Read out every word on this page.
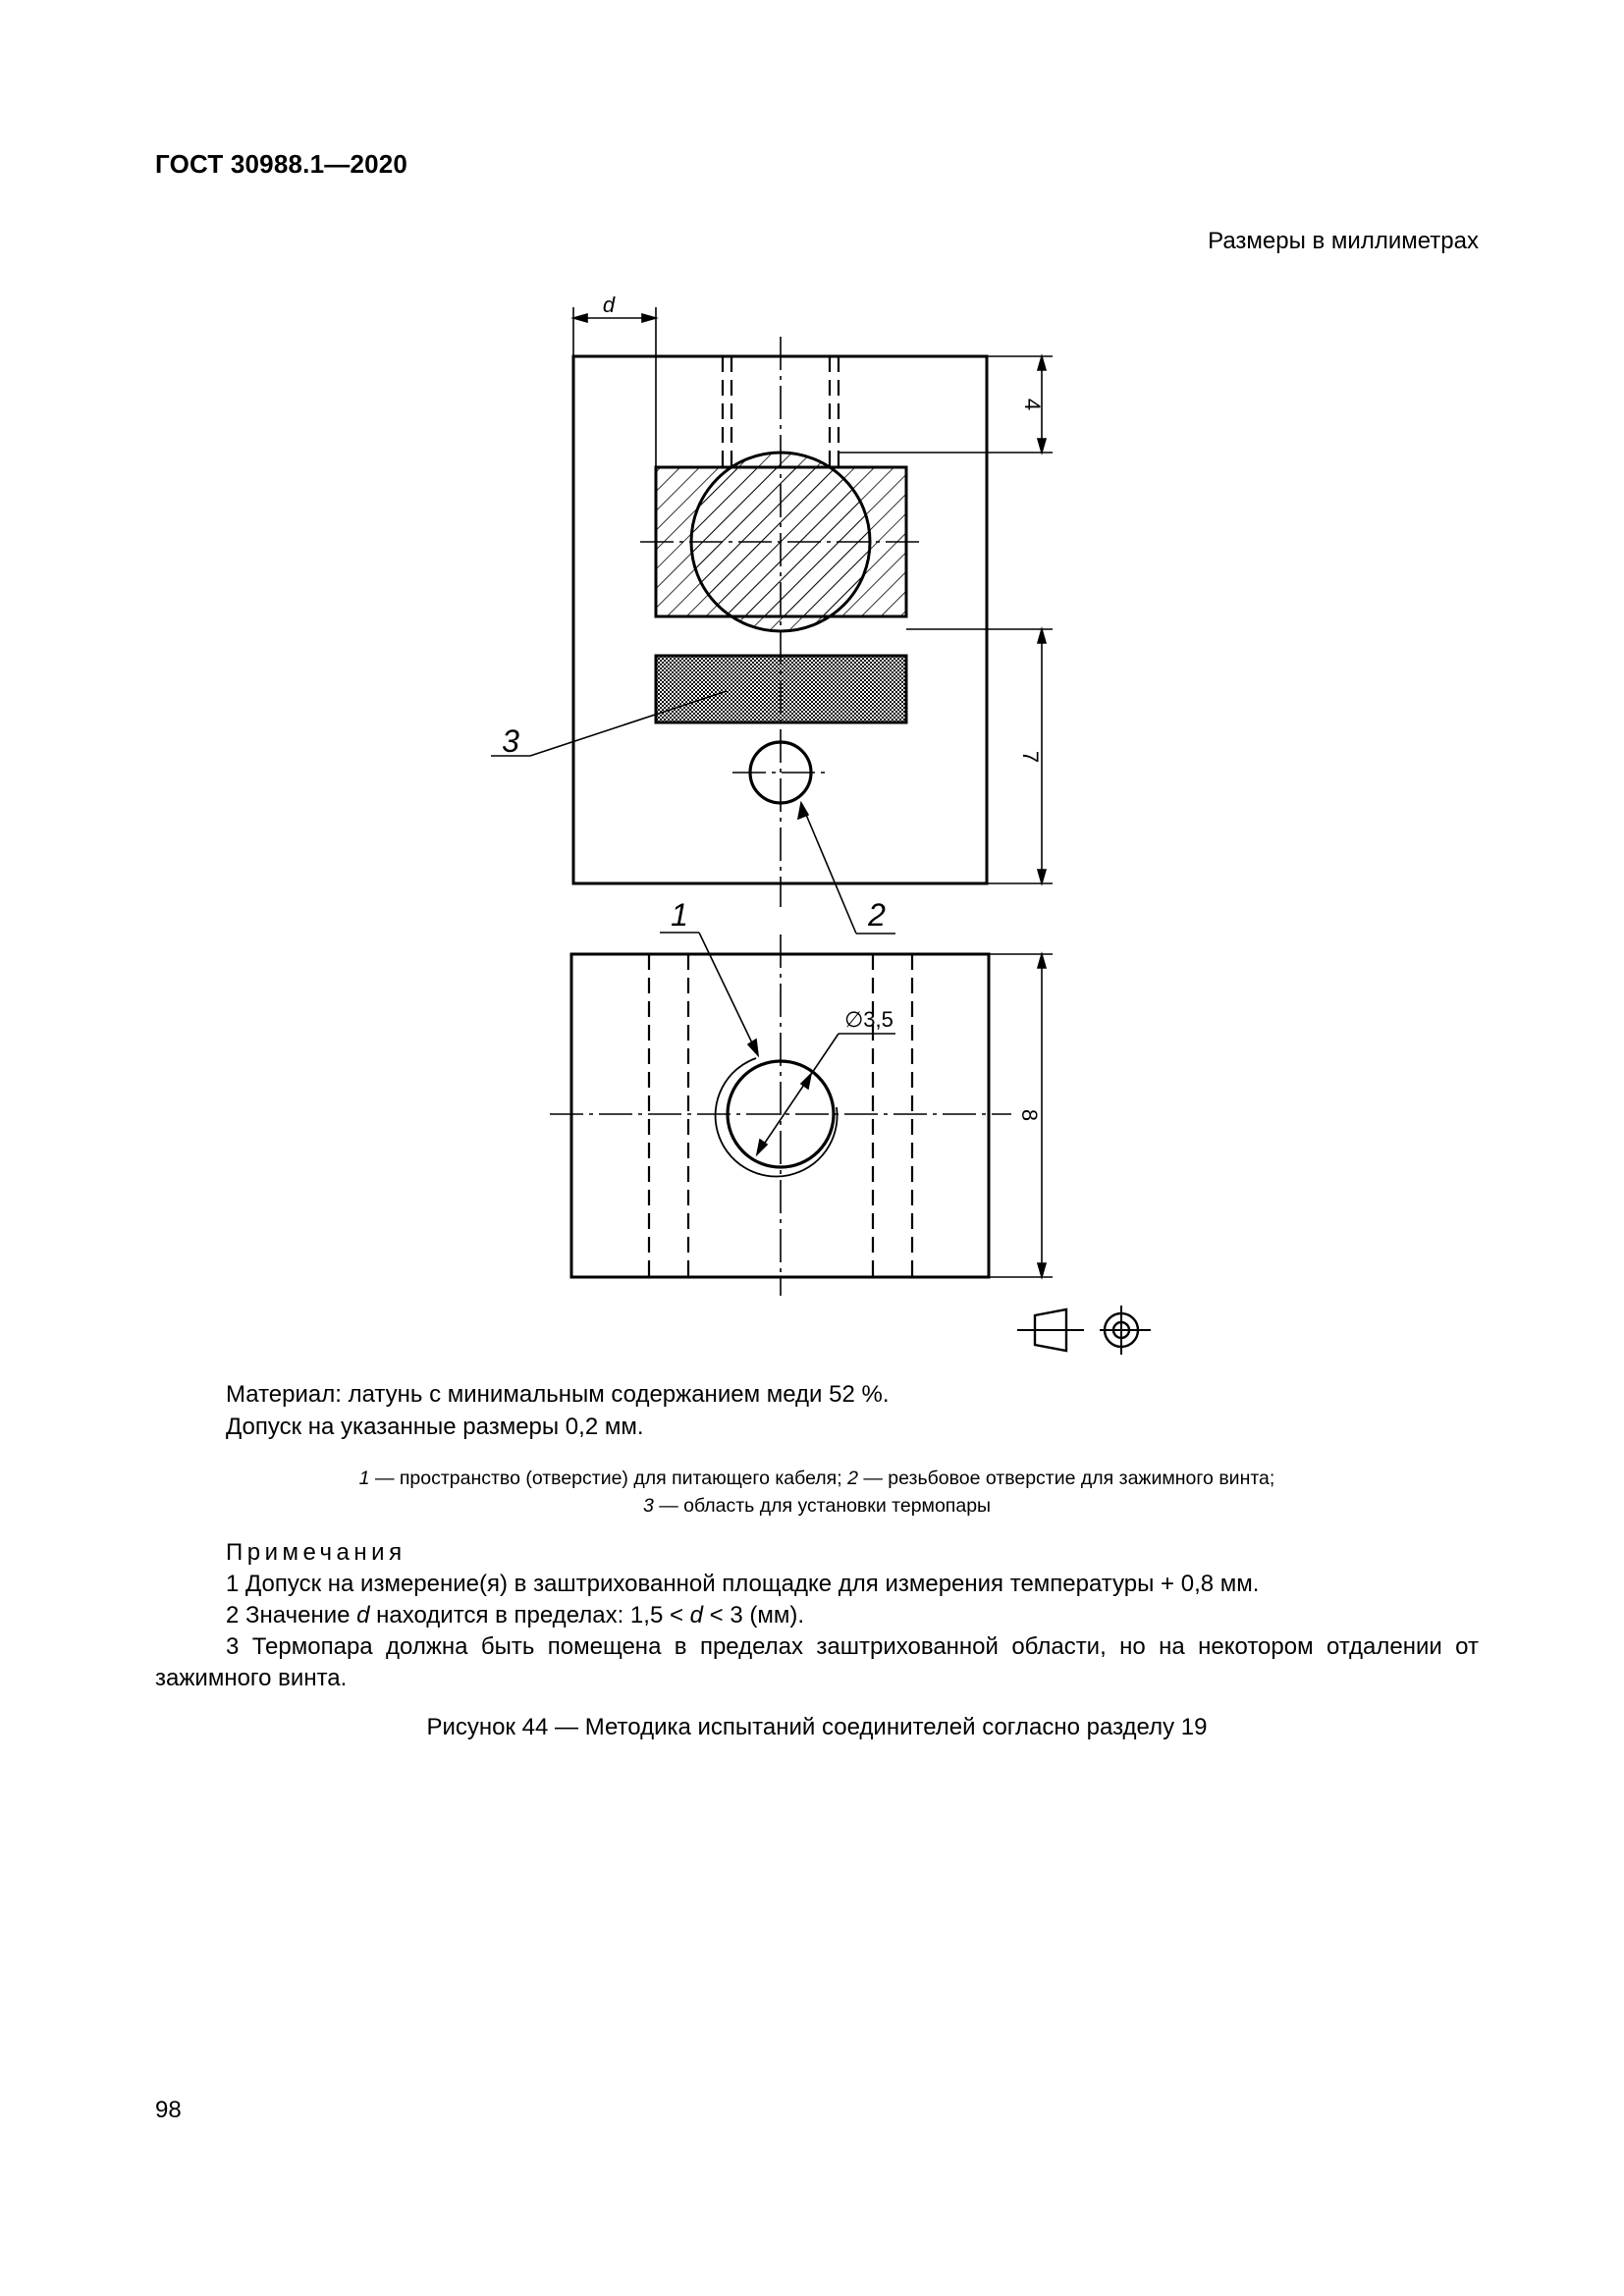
ГОСТ 30988.1—2020
Размеры в миллиметрах
d
4
7
3
2
∅3,5
1
8
Материал: латунь с минимальным содержанием меди 52 %.
Допуск на указанные размеры 0,2 мм.
1 — пространство (отверстие) для питающего кабеля; 2 — резьбовое отверстие для зажимного винта;
3 — область для установки термопары
Примечания
1 Допуск на измерение(я) в заштрихованной площадке для измерения температуры + 0,8 мм.
2 Значение d находится в пределах: 1,5 < d < 3 (мм).
3 Термопара должна быть помещена в пределах заштрихованной области, но на некотором отдалении от зажимного винта.
Рисунок 44 — Методика испытаний соединителей согласно разделу 19
98
